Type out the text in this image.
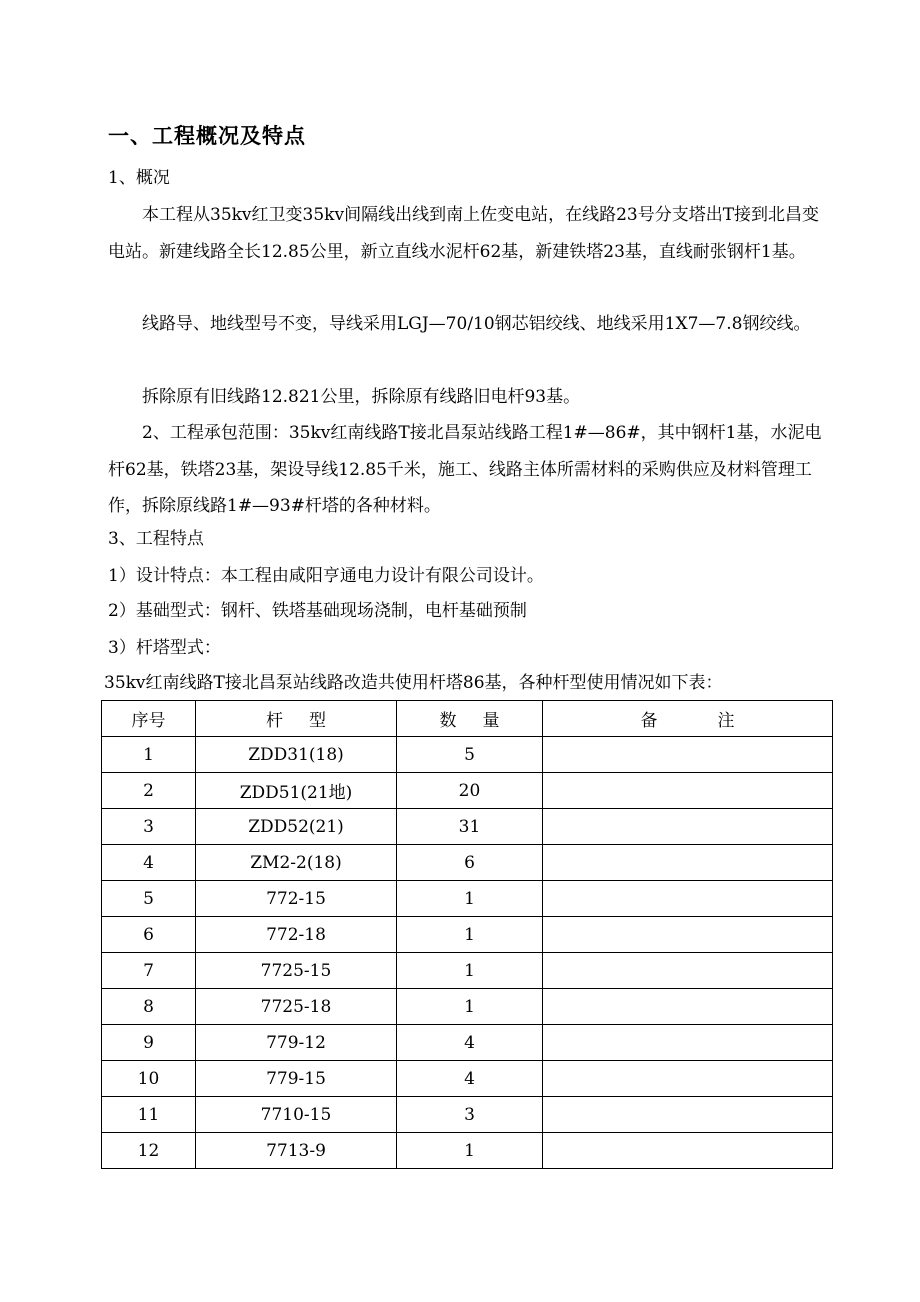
一、工程概况及特点
1、概况

本工程从35kv红卫变35kv间隔线出线到南上佐变电站，在线路23号分支塔出T接到北昌变电站。新建线路全长12.85公里，新立直线水泥杆62基，新建铁塔23基，直线耐张钢杆1基。

线路导、地线型号不变，导线采用LGJ—70/10钢芯铝绞线、地线采用1X7—7.8钢绞线。

拆除原有旧线路12.821公里，拆除原有线路旧电杆93基。

2、工程承包范围：35kv红南线路T接北昌泵站线路工程1#—86#，其中钢杆1基，水泥电杆62基，铁塔23基，架设导线12.85千米，施工、线路主体所需材料的采购供应及材料管理工作，拆除原线路1#—93#杆塔的各种材料。

3、工程特点
1）设计特点：本工程由咸阳亨通电力设计有限公司设计。
2）基础型式：钢杆、铁塔基础现场浇制，电杆基础预制
3）杆塔型式：
35kv红南线路T接北昌泵站线路改造共使用杆塔86基，各种杆型使用情况如下表：
序号	杆型	数量	备注
1	ZDD31(18)	5	
2	ZDD51(21地)	20	
3	ZDD52(21)	31	
4	ZM2-2(18)	6	
5	772-15	1	
6	772-18	1	
7	7725-15	1	
8	7725-18	1	
9	779-12	4	
10	779-15	4	
11	7710-15	3	
12	7713-9	1	
